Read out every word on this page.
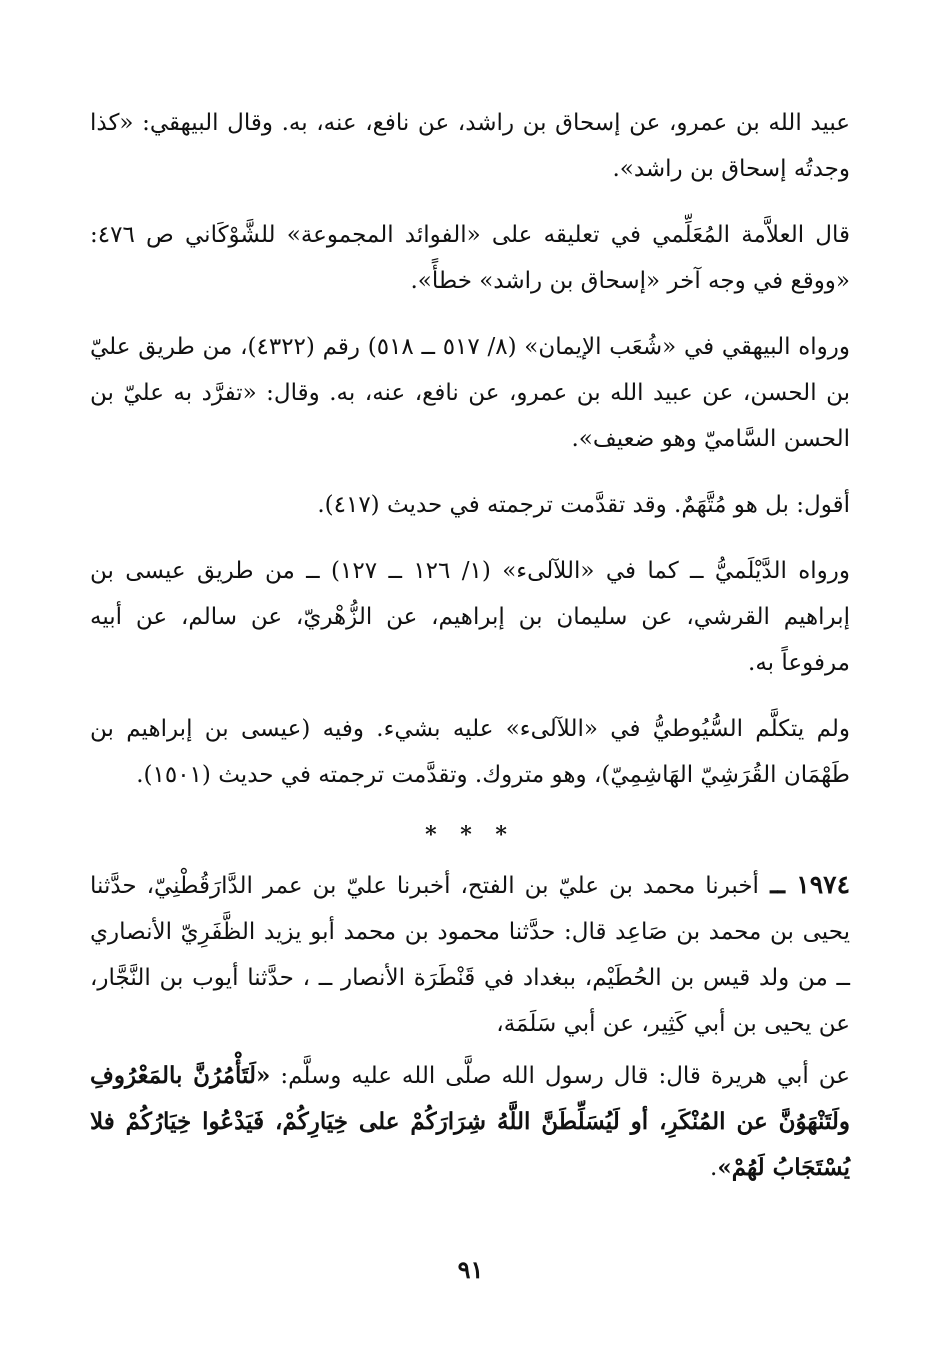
عبيد الله بن عمرو، عن إسحاق بن راشد، عن نافع، عنه، به. وقال البيهقي: «كذا وجدتُه إسحاق بن راشد».

قال العلاَّمة المُعَلِّمي في تعليقه على «الفوائد المجموعة» للشَّوْكَاني ص ٤٧٦: «ووقع في وجه آخر «إسحاق بن راشد» خطأً».

ورواه البيهقي في «شُعَب الإيمان» (٨/ ٥١٧ ــ ٥١٨) رقم (٤٣٢٢)، من طريق عليّ بن الحسن، عن عبيد الله بن عمرو، عن نافع، عنه، به. وقال: «تفرَّد به عليّ بن الحسن السَّاميّ وهو ضعيف».

أقول: بل هو مُتَّهَمٌ. وقد تقدَّمت ترجمته في حديث (٤١٧).

ورواه الدَّيْلَميُّ ــ كما في «اللآلىء» (١/ ١٢٦ ــ ١٢٧) ــ من طريق عيسى بن إبراهيم القرشي، عن سليمان بن إبراهيم، عن الزُّهْريّ، عن سالم، عن أبيه مرفوعاً به.

ولم يتكلَّم السُّيُوطيُّ في «اللآلىء» عليه بشيء. وفيه (عيسى بن إبراهيم بن طَهْمَان القُرَشِيّ الهَاشِمِيّ)، وهو متروك. وتقدَّمت ترجمته في حديث (١٥٠١).

* * *

١٩٧٤ ــ أخبرنا محمد بن عليّ بن الفتح، أخبرنا عليّ بن عمر الدَّارَقُطْنِيّ، حدَّثنا يحيى بن محمد بن صَاعِد قال: حدَّثنا محمود بن محمد أبو يزيد الظَّفَرِيّ الأنصاري ــ من ولد قيس بن الحُطَيْم، ببغداد في قَنْطَرَة الأنصار ــ ، حدَّثنا أيوب بن النَّجَّار، عن يحيى بن أبي كَثِير، عن أبي سَلَمَة،

عن أبي هريرة قال: قال رسول الله صلَّى الله عليه وسلَّم: «لَتَأْمُرُنَّ بالمَعْرُوفِ ولَتَنْهَوُنَّ عن المُنْكَرِ، أو لَيُسَلِّطَنَّ اللَّهُ شِرَارَكُمْ على خِيَارِكُمْ، فَيَدْعُوا خِيَارُكُمْ فلا يُسْتَجَابُ لَهُمْ».

٩١
